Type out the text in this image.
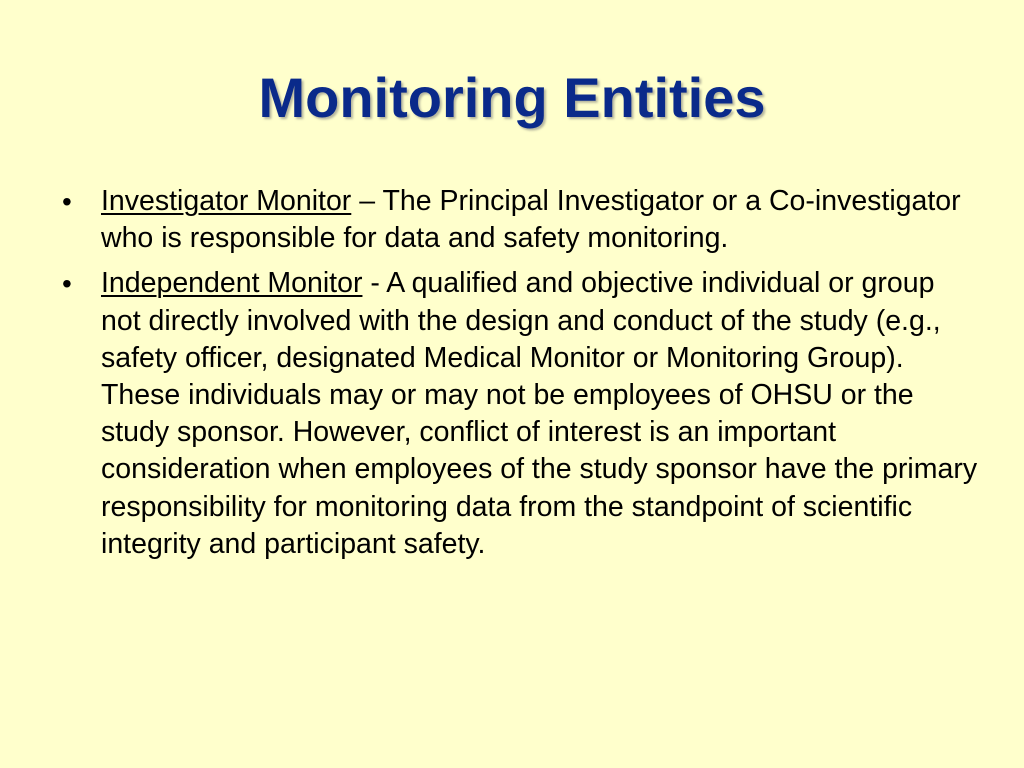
Monitoring Entities
• Investigator Monitor – The Principal Investigator or a Co-investigator who is responsible for data and safety monitoring.
• Independent Monitor - A qualified and objective individual or group not directly involved with the design and conduct of the study (e.g., safety officer, designated Medical Monitor or Monitoring Group). These individuals may or may not be employees of OHSU or the study sponsor. However, conflict of interest is an important consideration when employees of the study sponsor have the primary responsibility for monitoring data from the standpoint of scientific integrity and participant safety.
